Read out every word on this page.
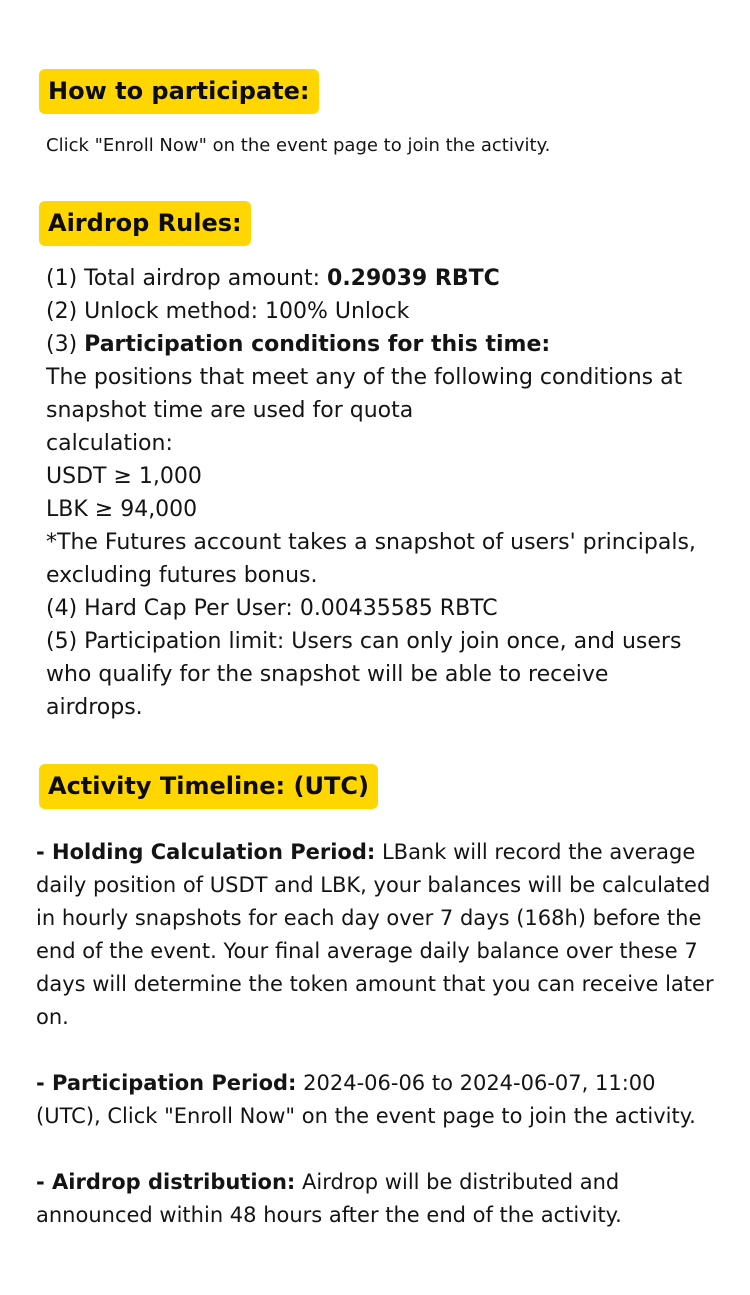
How to participate:
Click "Enroll Now" on the event page to join the activity.
Airdrop Rules:
(1) Total airdrop amount: 0.29039 RBTC
(2) Unlock method: 100% Unlock
(3) Participation conditions for this time:
The positions that meet any of the following conditions at
snapshot time are used for quota
calculation:
USDT ≥ 1,000
LBK ≥ 94,000
*The Futures account takes a snapshot of users' principals,
excluding futures bonus.
(4) Hard Cap Per User: 0.00435585 RBTC
(5) Participation limit: Users can only join once, and users
who qualify for the snapshot will be able to receive
airdrops.
Activity Timeline: (UTC)
- Holding Calculation Period: LBank will record the average
daily position of USDT and LBK, your balances will be calculated
in hourly snapshots for each day over 7 days (168h) before the
end of the event. Your final average daily balance over these 7
days will determine the token amount that you can receive later
on.
- Participation Period: 2024-06-06 to 2024-06-07, 11:00
(UTC), Click "Enroll Now" on the event page to join the activity.
- Airdrop distribution: Airdrop will be distributed and
announced within 48 hours after the end of the activity.
